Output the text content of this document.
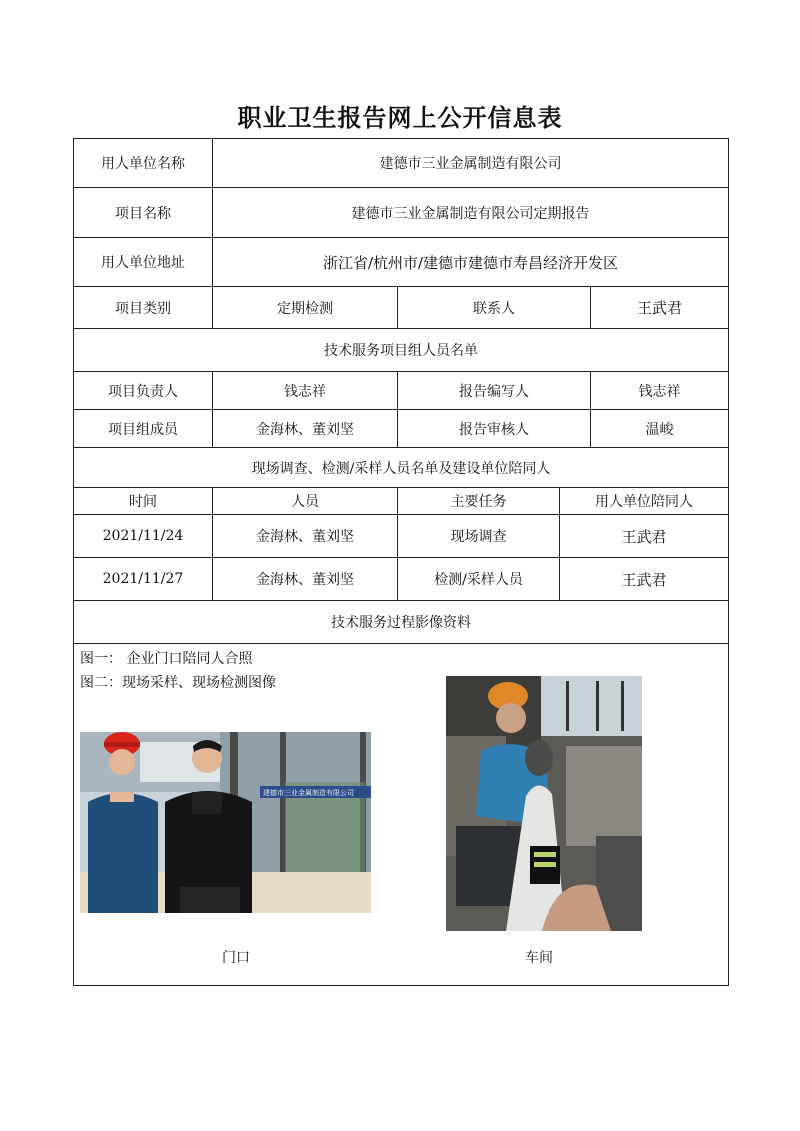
职业卫生报告网上公开信息表
用人单位名称	建德市三业金属制造有限公司
项目名称	建德市三业金属制造有限公司定期报告
用人单位地址	浙江省/杭州市/建德市建德市寿昌经济开发区
项目类别	定期检测	联系人	王武君
技术服务项目组人员名单
项目负责人	钱志祥	报告编写人	钱志祥
项目组成员	金海林、董刘坚	报告审核人	温峻
现场调查、检测/采样人员名单及建设单位陪同人
时间	人员	主要任务	用人单位陪同人
2021/11/24	金海林、董刘坚	现场调查	王武君
2021/11/27	金海林、董刘坚	检测/采样人员	王武君
技术服务过程影像资料
图一： 企业门口陪同人合照
图二：现场采样、现场检测图像
建德市三业金属制造有限公司
门口	车间
